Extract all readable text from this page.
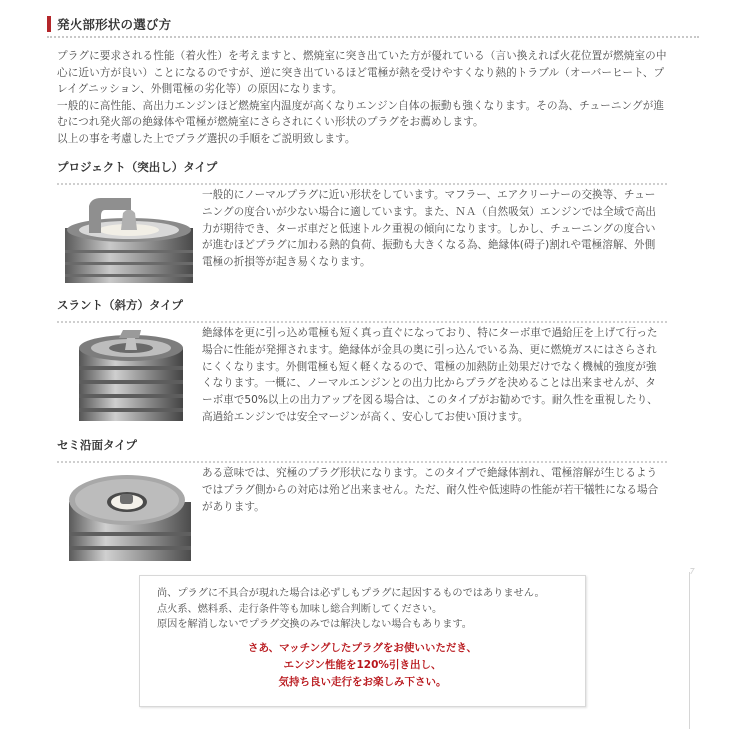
発火部形状の選び方

プラグに要求される性能（着火性）を考えますと、燃焼室に突き出ていた方が優れている（言い換えれば火花位置が燃焼室の中

心に近い方が良い）ことになるのですが、逆に突き出ているほど電極が熱を受けやすくなり熱的トラブル（オーバーヒート、プ

レイグニッション、外側電極の劣化等）の原因になります。

一般的に高性能、高出力エンジンほど燃焼室内温度が高くなりエンジン自体の振動も強くなります。その為、チューニングが進

むにつれ発火部の絶縁体や電極が燃焼室にさらされにくい形状のプラグをお薦めします。

以上の事を考慮した上でプラグ選択の手順をご説明致します。

プロジェクト（突出し）タイプ

一般的にノーマルプラグに近い形状をしています。マフラー、エアクリーナーの交換等、チュー

ニングの度合いが少ない場合に適しています。また、ＮＡ（自然吸気）エンジンでは全域で高出

力が期待でき、ターボ車だと低速トルク重視の傾向になります。しかし、チューニングの度合い

が進むほどプラグに加わる熱的負荷、振動も大きくなる為、絶縁体(碍子)割れや電極溶解、外側

電極の折損等が起き易くなります。

スラント（斜方）タイプ

絶縁体を更に引っ込め電極も短く真っ直ぐになっており、特にターボ車で過給圧を上げて行った

場合に性能が発揮されます。絶縁体が金具の奥に引っ込んでいる為、更に燃焼ガスにはさらされ

にくくなります。外側電極も短く軽くなるので、電極の加熱防止効果だけでなく機械的強度が強

くなります。一概に、ノーマルエンジンとの出力比からプラグを決めることは出来ませんが、タ

ーボ車で50%以上の出力アップを図る場合は、このタイプがお勧めです。耐久性を重視したり、

高過給エンジンでは安全マージンが高く、安心してお使い頂けます。

セミ沿面タイプ

ある意味では、究極のプラグ形状になります。このタイプで絶縁体割れ、電極溶解が生じるよう

ではプラグ側からの対応は殆ど出来ません。ただ、耐久性や低速時の性能が若干犠牲になる場合

があります。

尚、プラグに不具合が現れた場合は必ずしもプラグに起因するものではありません。

点火系、燃料系、走行条件等も加味し総合判断してください。

原因を解消しないでプラグ交換のみでは解決しない場合もあります。

さあ、マッチングしたプラグをお使いいただき、

エンジン性能を120%引き出し、

気持ち良い走行をお楽しみ下さい。
